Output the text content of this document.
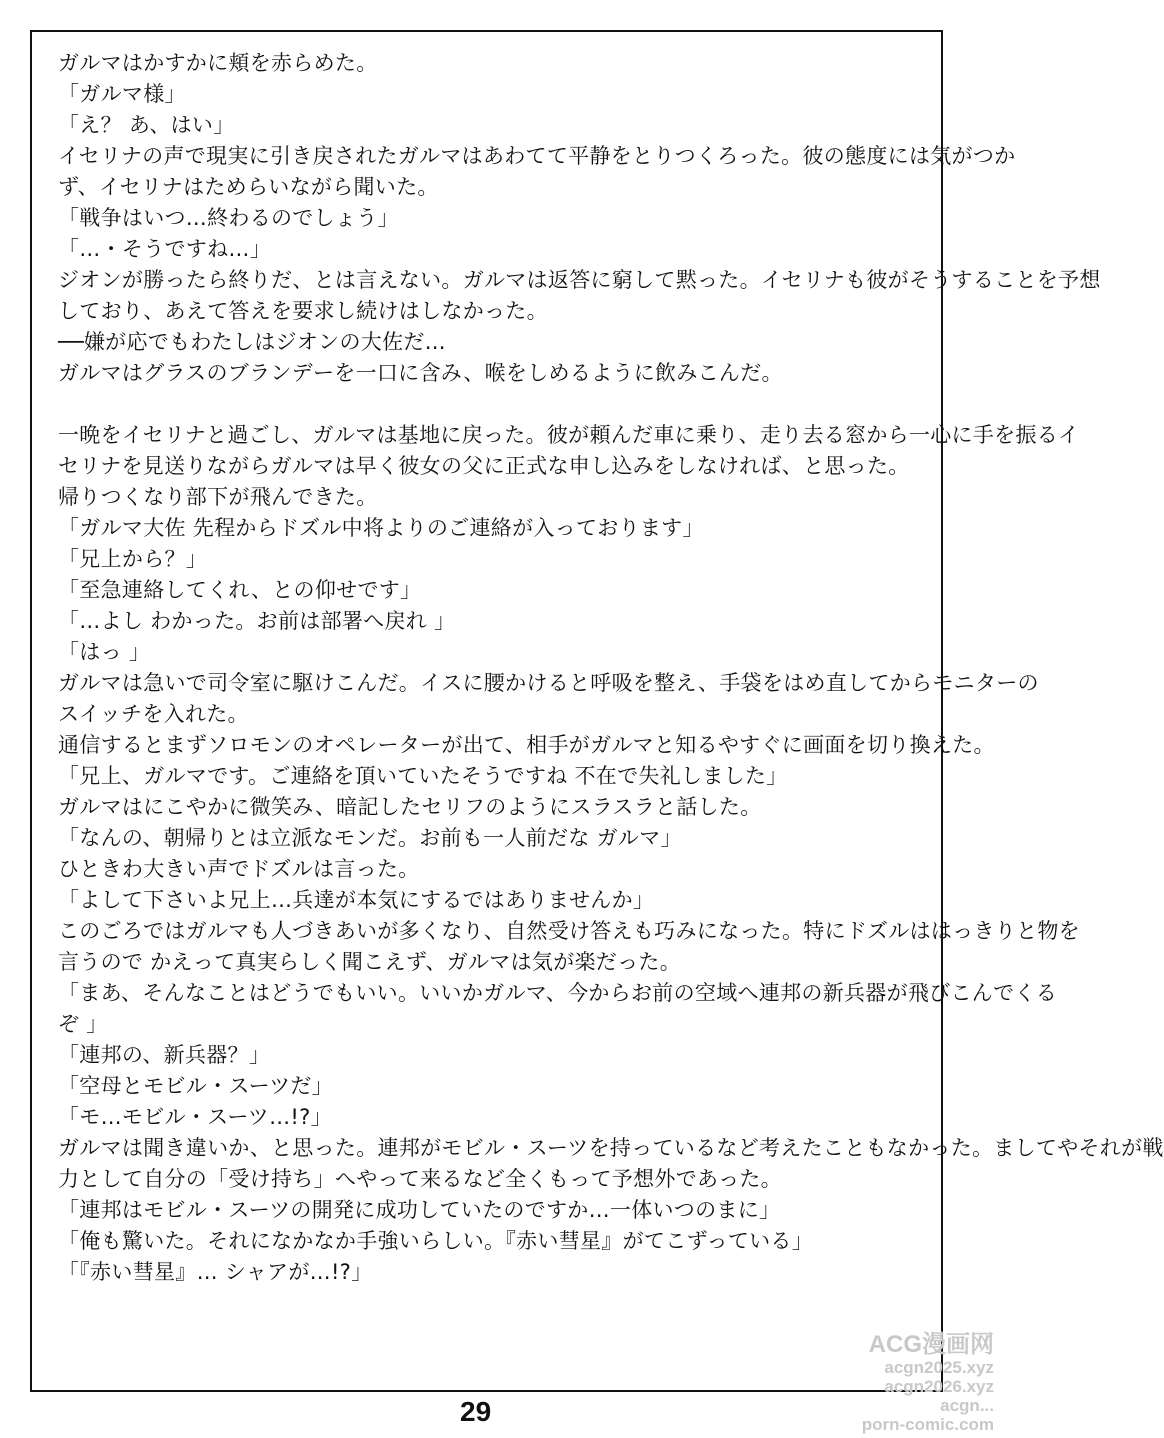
ガルマはかすかに頬を赤らめた。
「ガルマ様」
「え？ あ、はい」
イセリナの声で現実に引き戻されたガルマはあわてて平静をとりつくろった。彼の態度には気がつか
ず、イセリナはためらいながら聞いた。
「戦争はいつ…終わるのでしょう」
「…・そうですね…」
ジオンが勝ったら終りだ、とは言えない。ガルマは返答に窮して黙った。イセリナも彼がそうすることを予想
しており、あえて答えを要求し続けはしなかった。
──嫌が応でもわたしはジオンの大佐だ…
ガルマはグラスのブランデーを一口に含み、喉をしめるように飲みこんだ。
一晩をイセリナと過ごし、ガルマは基地に戻った。彼が頼んだ車に乗り、走り去る窓から一心に手を振るイ
セリナを見送りながらガルマは早く彼女の父に正式な申し込みをしなければ、と思った。
帰りつくなり部下が飛んできた。
「ガルマ大佐 先程からドズル中将よりのご連絡が入っております」
「兄上から？」
「至急連絡してくれ、との仰せです」
「…よし わかった。お前は部署へ戻れ 」
「はっ 」
ガルマは急いで司令室に駆けこんだ。イスに腰かけると呼吸を整え、手袋をはめ直してからモニターの
スイッチを入れた。
通信するとまずソロモンのオペレーターが出て、相手がガルマと知るやすぐに画面を切り換えた。
「兄上、ガルマです。ご連絡を頂いていたそうですね 不在で失礼しました」
ガルマはにこやかに微笑み、暗記したセリフのようにスラスラと話した。
「なんの、朝帰りとは立派なモンだ。お前も一人前だな ガルマ」
ひときわ大きい声でドズルは言った。
「よして下さいよ兄上…兵達が本気にするではありませんか」
このごろではガルマも人づきあいが多くなり、自然受け答えも巧みになった。特にドズルははっきりと物を
言うので かえって真実らしく聞こえず、ガルマは気が楽だった。
「まあ、そんなことはどうでもいい。いいかガルマ、今からお前の空域へ連邦の新兵器が飛びこんでくる
ぞ 」
「連邦の、新兵器？」
「空母とモビル・スーツだ」
「モ…モビル・スーツ…!?」
ガルマは聞き違いか、と思った。連邦がモビル・スーツを持っているなど考えたこともなかった。ましてやそれが戦
力として自分の「受け持ち」へやって来るなど全くもって予想外であった。
「連邦はモビル・スーツの開発に成功していたのですか…一体いつのまに」
「俺も驚いた。それになかなか手強いらしい。『赤い彗星』がてこずっている」
「『赤い彗星』… シャアが…!?」
29
ACG漫画网
acgn2025.xyz
acgn2026.xyz
acgn...
porn-comic.com
